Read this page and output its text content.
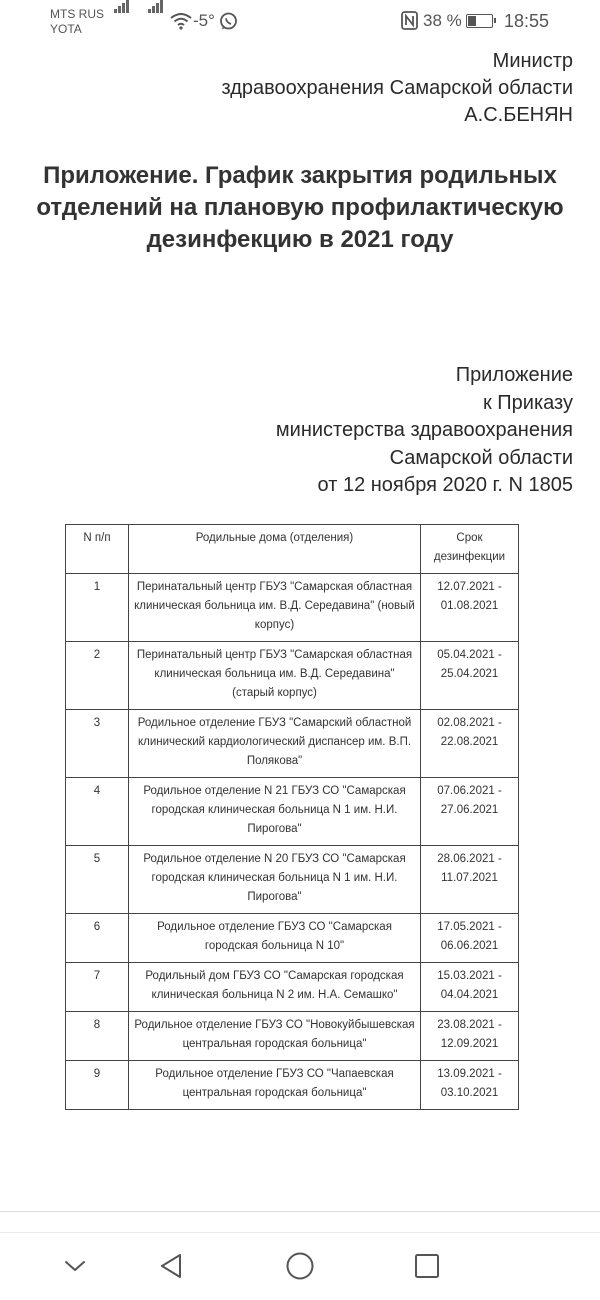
MTS RUS
YOTA	-5°	38 % 18:55
Министр
здравоохранения Самарской области
А.С.БЕНЯН
Приложение. График закрытия родильных отделений на плановую профилактическую дезинфекцию в 2021 году
Приложение
к Приказу
министерства здравоохранения
Самарской области
от 12 ноября 2020 г. N 1805
N п/п	Родильные дома (отделения)	Срок дезинфекции
1	Перинатальный центр ГБУЗ "Самарская областная клиническая больница им. В.Д. Середавина" (новый корпус)	12.07.2021 - 01.08.2021
2	Перинатальный центр ГБУЗ "Самарская областная клиническая больница им. В.Д. Середавина" (старый корпус)	05.04.2021 - 25.04.2021
3	Родильное отделение ГБУЗ "Самарский областной клинический кардиологический диспансер им. В.П. Полякова"	02.08.2021 - 22.08.2021
4	Родильное отделение N 21 ГБУЗ СО "Самарская городская клиническая больница N 1 им. Н.И. Пирогова"	07.06.2021 - 27.06.2021
5	Родильное отделение N 20 ГБУЗ СО "Самарская городская клиническая больница N 1 им. Н.И. Пирогова"	28.06.2021 - 11.07.2021
6	Родильное отделение ГБУЗ СО "Самарская городская больница N 10"	17.05.2021 - 06.06.2021
7	Родильный дом ГБУЗ СО "Самарская городская клиническая больница N 2 им. Н.А. Семашко"	15.03.2021 - 04.04.2021
8	Родильное отделение ГБУЗ СО "Новокуйбышевская центральная городская больница"	23.08.2021 - 12.09.2021
9	Родильное отделение ГБУЗ СО "Чапаевская центральная городская больница"	13.09.2021 - 03.10.2021
